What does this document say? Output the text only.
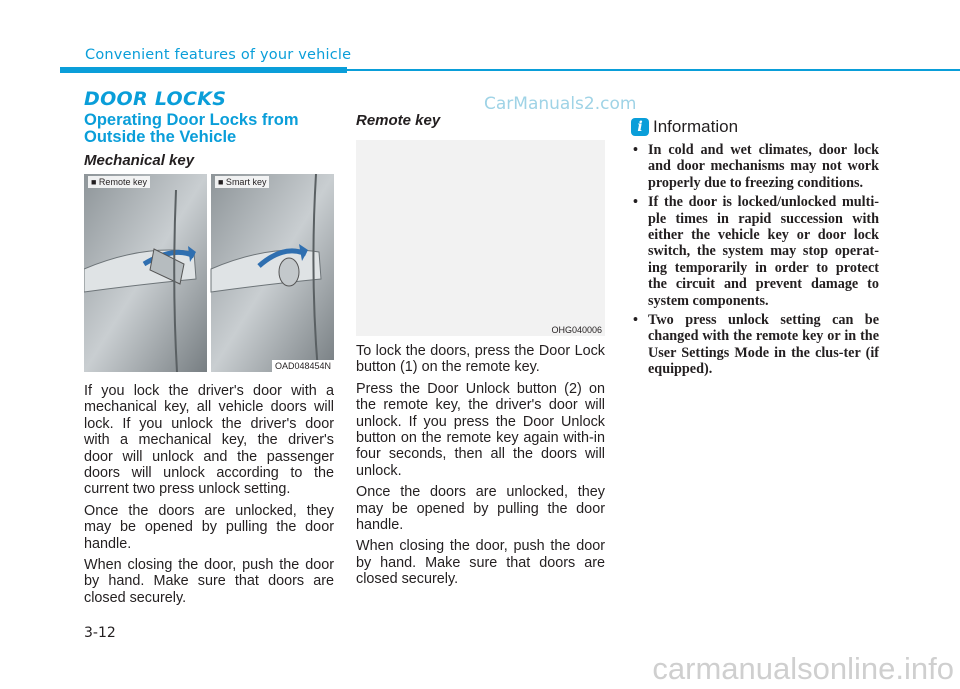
Convenient features of your vehicle
DOOR LOCKS	CarManuals2.com
Operating Door Locks from Outside the Vehicle
Mechanical key
■ Remote key	■ Smart key
OAD048454N

If you lock the driver's door with a mechanical key, all vehicle doors will lock. If you unlock the driver's door with a mechanical key, the driver's door will unlock and the passenger doors will unlock according to the current two press unlock setting.

Once the doors are unlocked, they may be opened by pulling the door handle.

When closing the door, push the door by hand. Make sure that doors are closed securely.

Remote key
OHG040006

To lock the doors, press the Door Lock button (1) on the remote key.

Press the Door Unlock button (2) on the remote key, the driver's door will unlock. If you press the Door Unlock button on the remote key again with-in four seconds, then all the doors will unlock.

Once the doors are unlocked, they may be opened by pulling the door handle.

When closing the door, push the door by hand. Make sure that doors are closed securely.

i Information
• In cold and wet climates, door lock and door mechanisms may not work properly due to freezing conditions.
• If the door is locked/unlocked multi-ple times in rapid succession with either the vehicle key or door lock switch, the system may stop operat-ing temporarily in order to protect the circuit and prevent damage to system components.
• Two press unlock setting can be changed with the remote key or in the User Settings Mode in the clus-ter (if equipped).
3-12
carmanualsonline.info
